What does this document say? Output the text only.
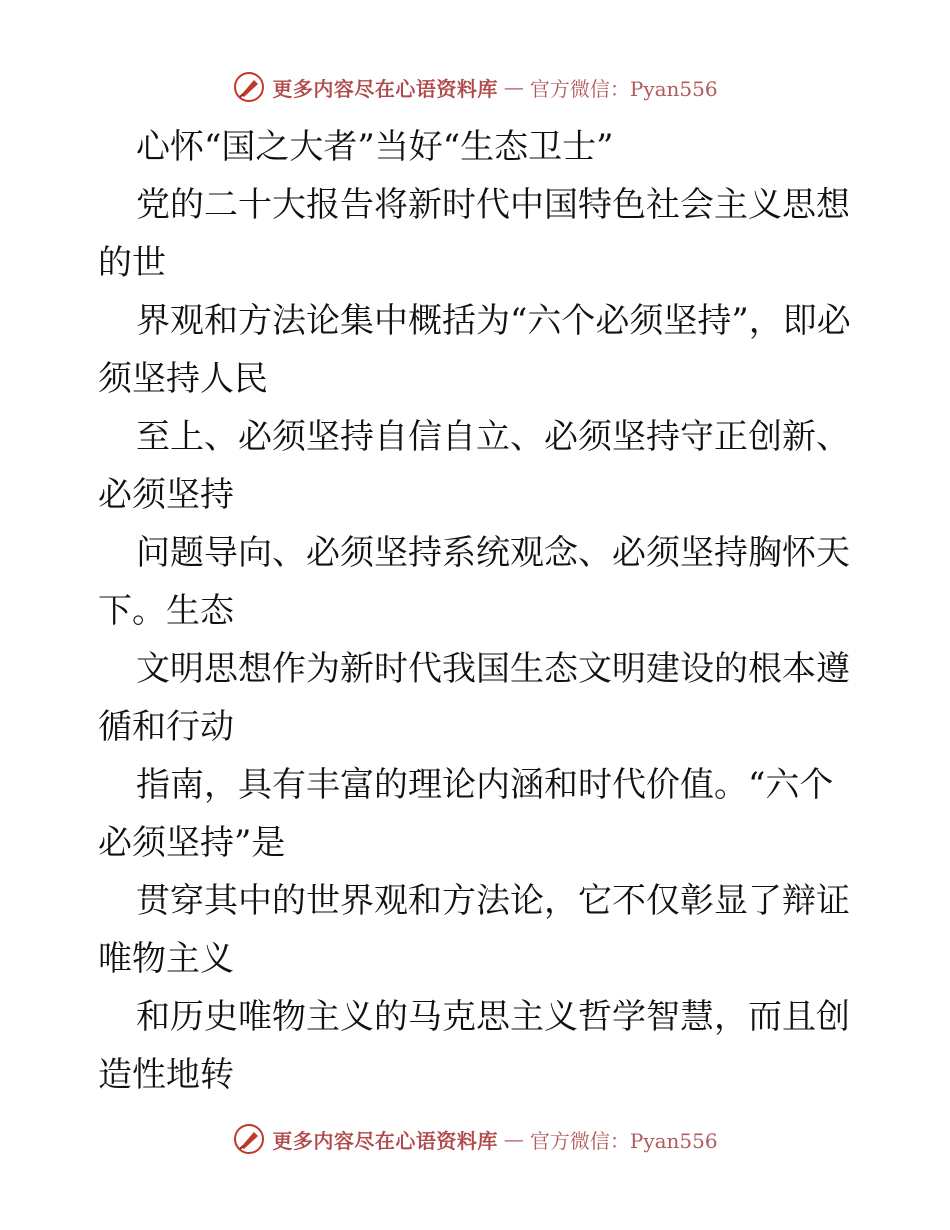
更多内容尽在心语资料库 — 官方微信：Pyan556

心怀“国之大者”当好“生态卫士”

党的二十大报告将新时代中国特色社会主义思想的世

界观和方法论集中概括为“六个必须坚持”，即必须坚持人民

至上、必须坚持自信自立、必须坚持守正创新、必须坚持

问题导向、必须坚持系统观念、必须坚持胸怀天下。生态

文明思想作为新时代我国生态文明建设的根本遵循和行动

指南，具有丰富的理论内涵和时代价值。“六个必须坚持”是

贯穿其中的世界观和方法论，它不仅彰显了辩证唯物主义

和历史唯物主义的马克思主义哲学智慧，而且创造性地转

更多内容尽在心语资料库 — 官方微信：Pyan556
